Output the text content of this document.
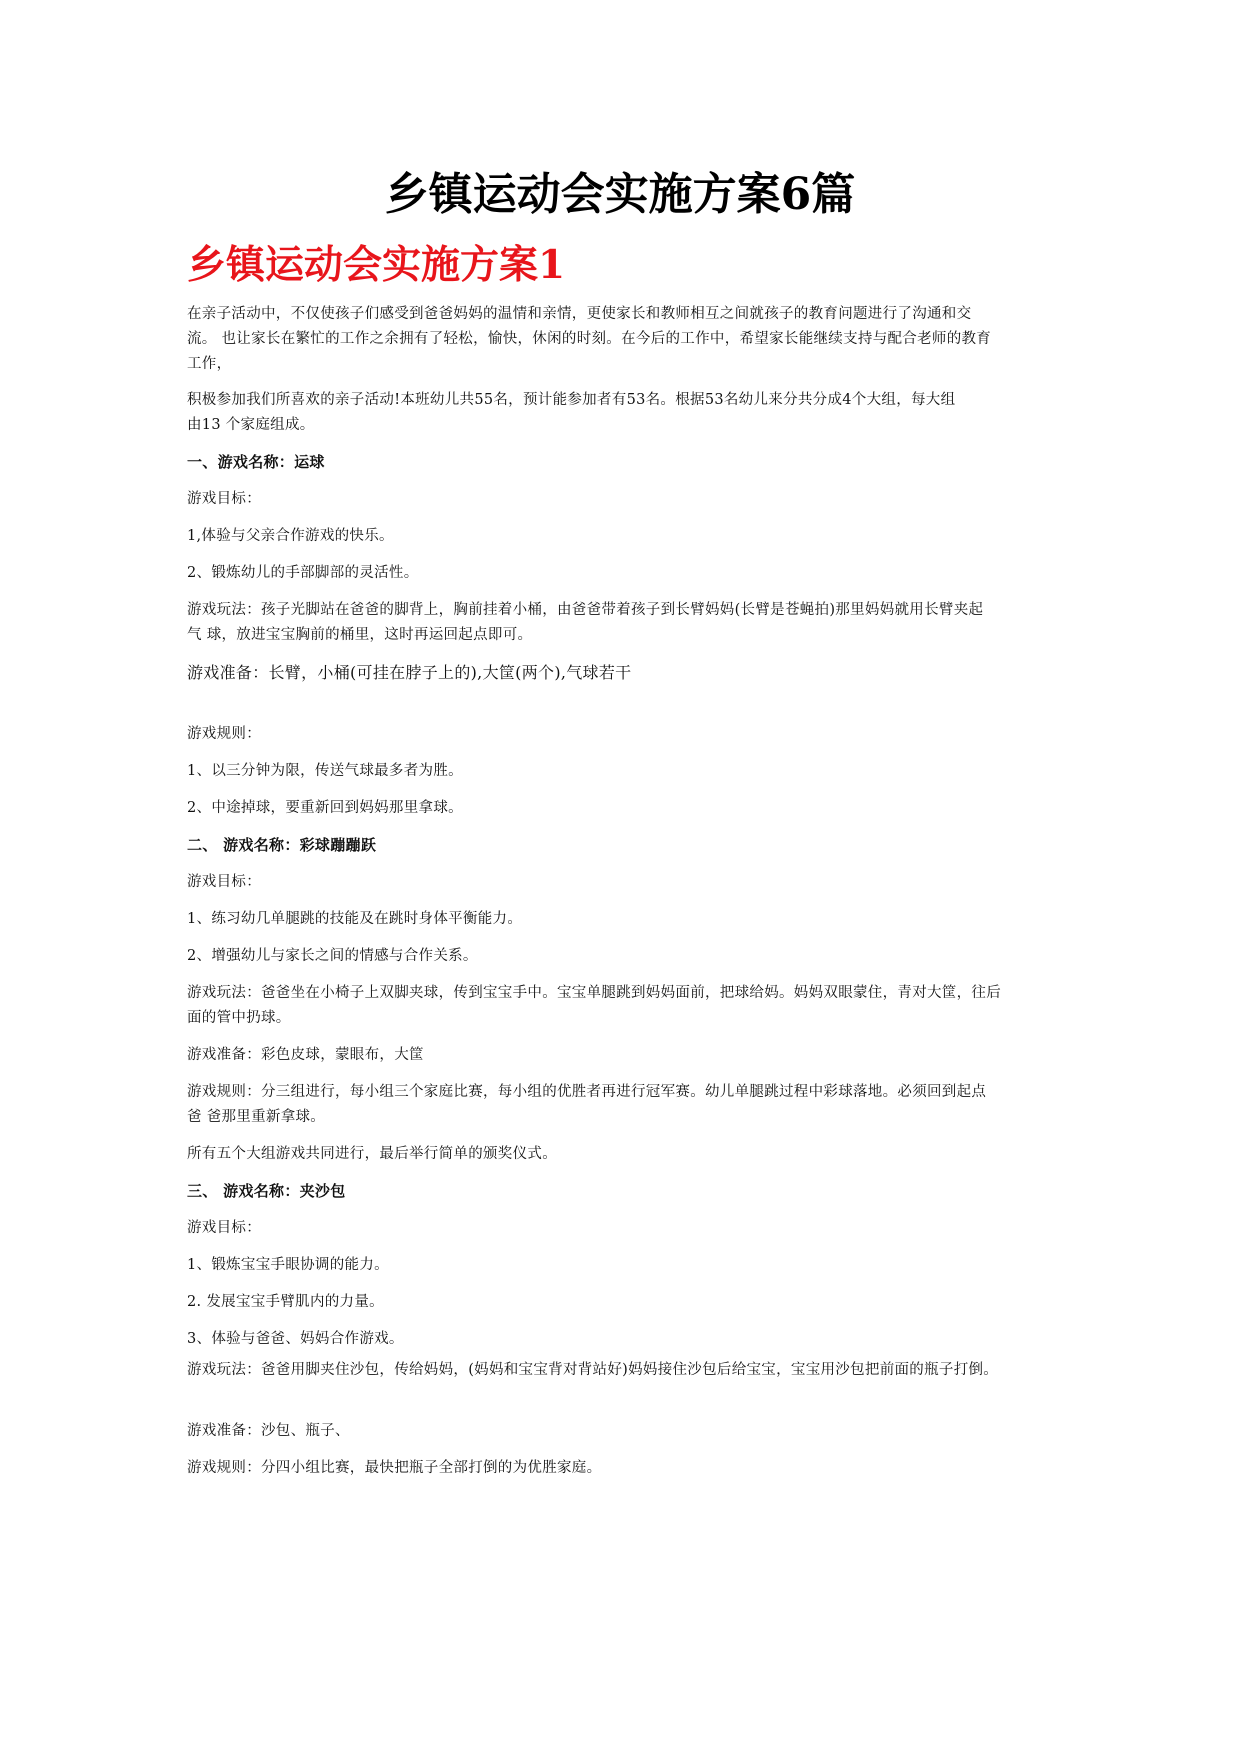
乡镇运动会实施方案6篇
乡镇运动会实施方案1

在亲子活动中，不仅使孩子们感受到爸爸妈妈的温情和亲情，更使家长和教师相互之间就孩子的教育问题进行了沟通和交

流。 也让家长在繁忙的工作之余拥有了轻松，愉快，休闲的时刻。在今后的工作中，希望家长能继续支持与配合老师的教育

工作，

积极参加我们所喜欢的亲子活动!本班幼儿共55名，预计能参加者有53名。根据53名幼儿来分共分成4个大组，每大组

由13 个家庭组成。

一、游戏名称：运球

游戏目标：

1,体验与父亲合作游戏的快乐。

2、锻炼幼儿的手部脚部的灵活性。

游戏玩法：孩子光脚站在爸爸的脚背上，胸前挂着小桶，由爸爸带着孩子到长臂妈妈(长臂是苍蝇拍)那里妈妈就用长臂夹起

气 球，放进宝宝胸前的桶里，这时再运回起点即可。

游戏准备：长臂，小桶(可挂在脖子上的),大筐(两个),气球若干

游戏规则：

1、以三分钟为限，传送气球最多者为胜。

2、中途掉球，要重新回到妈妈那里拿球。

二、 游戏名称：彩球蹦蹦跃

游戏目标：

1、练习幼几单腿跳的技能及在跳时身体平衡能力。

2、增强幼儿与家长之间的情感与合作关系。

游戏玩法：爸爸坐在小椅子上双脚夹球，传到宝宝手中。宝宝单腿跳到妈妈面前，把球给妈。妈妈双眼蒙住，青对大筐，往后

面的管中扔球。

游戏准备：彩色皮球，蒙眼布，大筐

游戏规则：分三组进行，每小组三个家庭比赛，每小组的优胜者再进行冠军赛。幼儿单腿跳过程中彩球落地。必须回到起点

爸 爸那里重新拿球。

所有五个大组游戏共同进行，最后举行简单的颁奖仪式。

三、 游戏名称：夹沙包

游戏目标：

1、锻炼宝宝手眼协调的能力。

2. 发展宝宝手臂肌内的力量。

3、体验与爸爸、妈妈合作游戏。

游戏玩法：爸爸用脚夹住沙包，传给妈妈，(妈妈和宝宝背对背站好)妈妈接住沙包后给宝宝，宝宝用沙包把前面的瓶子打倒。

游戏准备：沙包、瓶子、

游戏规则：分四小组比赛，最快把瓶子全部打倒的为优胜家庭。
